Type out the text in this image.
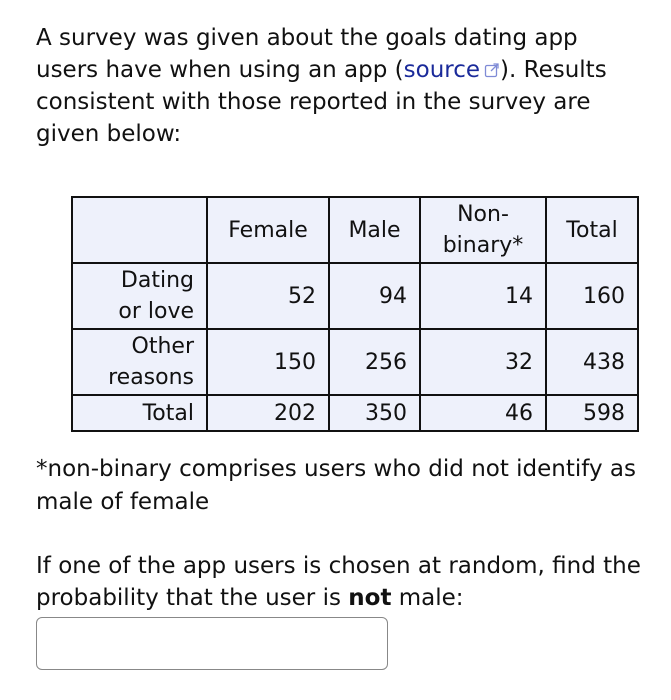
A survey was given about the goals dating app users have when using an app (source ). Results consistent with those reported in the survey are given below:

	Female	Male	Non-binary*	Total
Dating or love	52	94	14	160
Other reasons	150	256	32	438
Total	202	350	46	598

*non-binary comprises users who did not identify as male of female

If one of the app users is chosen at random, find the probability that the user is not male:
